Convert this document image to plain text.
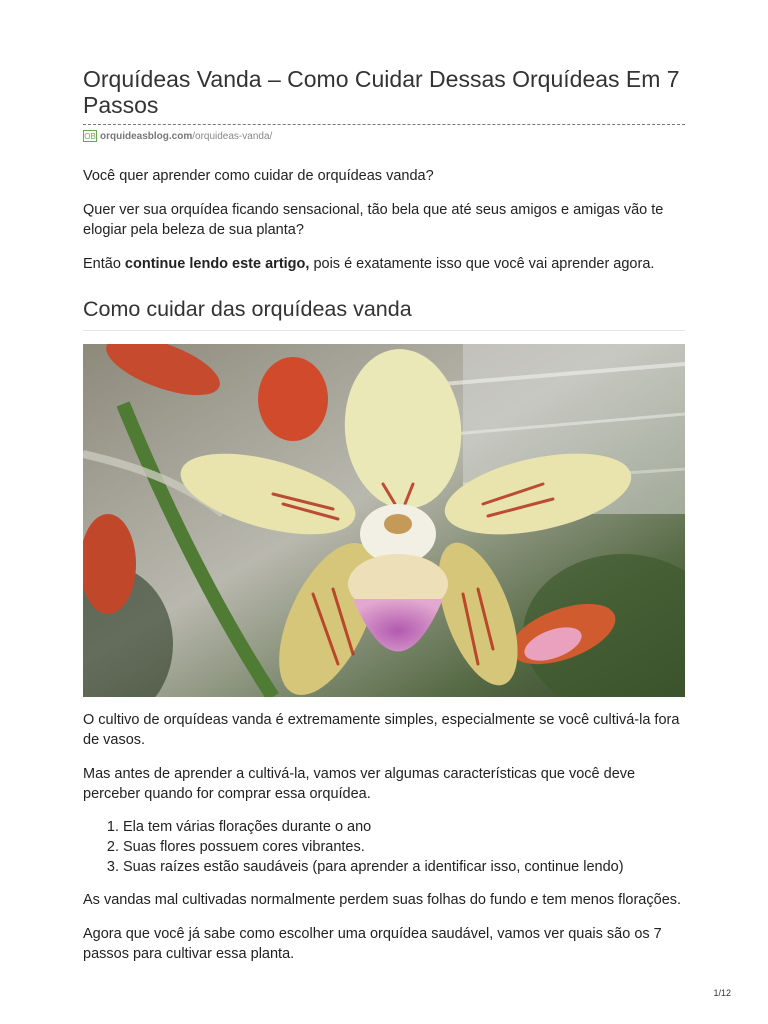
Orquídeas Vanda – Como Cuidar Dessas Orquídeas Em 7 Passos
OB orquideasblog.com /orquideas-vanda/

Você quer aprender como cuidar de orquídeas vanda?

Quer ver sua orquídea ficando sensacional, tão bela que até seus amigos e amigas vão te elogiar pela beleza de sua planta?

Então continue lendo este artigo, pois é exatamente isso que você vai aprender agora.

Como cuidar das orquídeas vanda

O cultivo de orquídeas vanda é extremamente simples, especialmente se você cultivá-la fora de vasos.

Mas antes de aprender a cultivá-la, vamos ver algumas características que você deve perceber quando for comprar essa orquídea.

1. Ela tem várias florações durante o ano
2. Suas flores possuem cores vibrantes.
3. Suas raízes estão saudáveis (para aprender a identificar isso, continue lendo)

As vandas mal cultivadas normalmente perdem suas folhas do fundo e tem menos florações.

Agora que você já sabe como escolher uma orquídea saudável, vamos ver quais são os 7 passos para cultivar essa planta.

1/12
